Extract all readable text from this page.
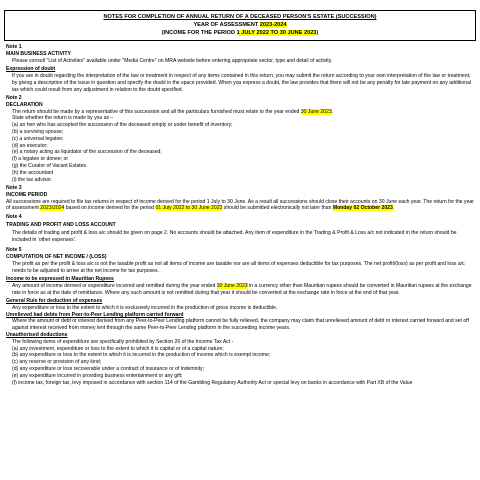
NOTES FOR COMPLETION OF ANNUAL RETURN OF A DECEASED PERSON'S ESTATE (SUCCESSION)
YEAR OF ASSESSMENT 2023-2024
(INCOME FOR THE PERIOD 1 JULY 2022 TO 30 JUNE 2023)
Note 1
MAIN BUSINESS ACTIVITY
Please consult "List of Activities" available under "Media Centre" on MRA website before entering appropriate sector, type and detail of activity.
Expression of doubt
If you are in doubt regarding the interpretation of the law or treatment in respect of any items contained in this return, you may submit the return according to your own interpretation of the law or treatment, by giving a description of the issue in question and specify the doubt in the space provided. When you express a doubt, the law provides that there will not be any penalty for late payment on any additional tax which could result from any adjustment in relation to the doubt specified.
Note 2
DECLARATION
The return should be made by a representative of this succession and all the particulars furnished must relate to the year ended 30 June 2023.
State whether the return is made by you as –
(a) an heir who has accepted the succession of the deceased simply or under benefit of inventory;
(b) a surviving spouse;
(c) a universal legatee;
(d) an executor;
(e) a notary acting as liquidator of the succession of the deceased;
(f) a legatee or donee; or
(g) the Curator of Vacant Estates.
(h) the accountant
(i) the tax advisor
Note 3
INCOME PERIOD
All successions are required to file tax returns in respect of income derived for the period 1 July to 30 June. As a result all successions should close their accounts on 30 June each year. The return for the year of assessment 2023/2024 based on income derived for the period 01 July 2022 to 30 June 2023 should be submitted electronically not later than Monday 02 October 2023.
Note 4
TRADING AND PROFIT AND LOSS ACCOUNT
The details of trading and profit & loss a/c should be given on page 2. No accounts should be attached. Any item of expenditure in the Trading & Profit & Loss a/c not indicated in the return should be included in ‘other expenses’.
Note 5
COMPUTATION OF NET INCOME / (LOSS)
The profit as per the profit & loss a/c is not the taxable profit as not all items of income are taxable nor are all items of expenses deductible for tax purposes. The net profit/(loss) as per profit and loss a/c needs to be adjusted to arrive at the net income for tax purposes.
Income to be expressed in Mauritian Rupees
Any amount of income derived or expenditure incurred and remitted during the year ended 30 June 2023 in a currency other than Mauritian rupees should be converted in Mauritian rupees at the exchange rate in force as at the date of remittance. Where any such amount is not remitted during that year it should be converted at the exchange rate in force at the end of that year.
General Rule for deduction of expenses
Any expenditure or loss to the extent to which it is exclusively incurred in the production of gross income is deductible.
Unrelieved bad debts from Peer-to-Peer Lending platform carried forward
Where the amount of debt or interest derived from any Peer-to-Peer Lending platform cannot be fully relieved, the company may claim that unrelieved amount of debt or interest carried forward and set off against interest received from money lent through the same Peer-to-Peer Lending platform in the succeeding income years.
Unauthorised deductions
The following items of expenditure are specifically prohibited by Section 26 of the Income Tax Act -
(a) any investment, expenditure or loss to the extent to which it is capital or of a capital nature;
(b) any expenditure or loss to the extent to which it is incurred in the production of income which is exempt income;
(c) any reserve or provision of any kind;
(d) any expenditure or loss recoverable under a contract of insurance or of indemnity;
(e) any expenditure incurred in providing business entertainment or any gift;
(f) income tax, foreign tax, levy imposed in accordance with section 114 of the Gambling Regulatory Authority Act or special levy on banks in accordance with Part XB of the Value
